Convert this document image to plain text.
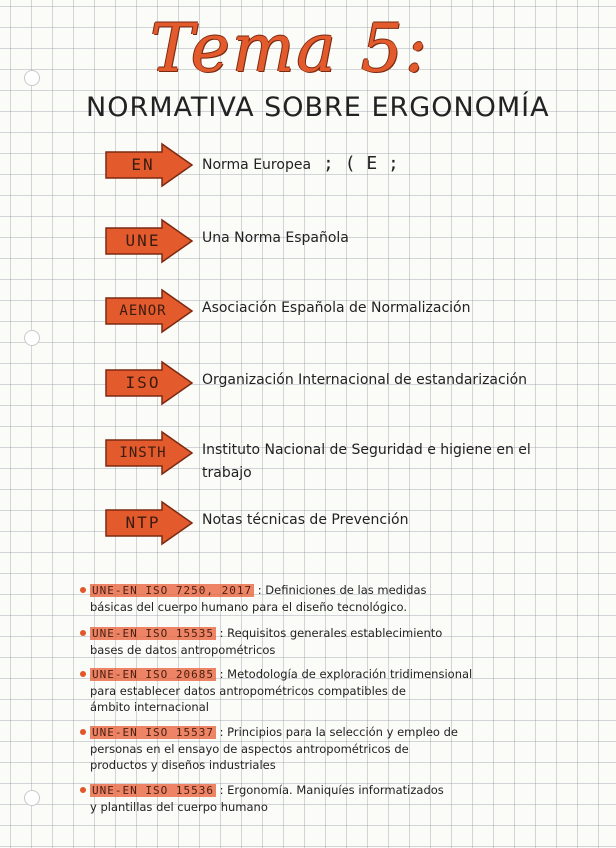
Tema 5:
NORMATIVA SOBRE ERGONOMÍA
EN	Norma Europea ; ( E ;
UNE	Una Norma Española
AENOR	Asociación Española de Normalización
ISO	Organización Internacional de estandarización
INSTH	Instituto Nacional de Seguridad e higiene en el
trabajo
NTP	Notas técnicas de Prevención
UNE-EN ISO 7250, 2017 : Definiciones de las medidas
básicas del cuerpo humano para el diseño tecnológico.
UNE-EN ISO 15535 : Requisitos generales establecimiento
bases de datos antropométricos
UNE-EN ISO 20685 : Metodología de exploración tridimensional
para establecer datos antropométricos compatibles de
ámbito internacional
UNE-EN ISO 15537 : Principios para la selección y empleo de
personas en el ensayo de aspectos antropométricos de
productos y diseños industriales
UNE-EN ISO 15536 : Ergonomía. Maniquíes informatizados
y plantillas del cuerpo humano
